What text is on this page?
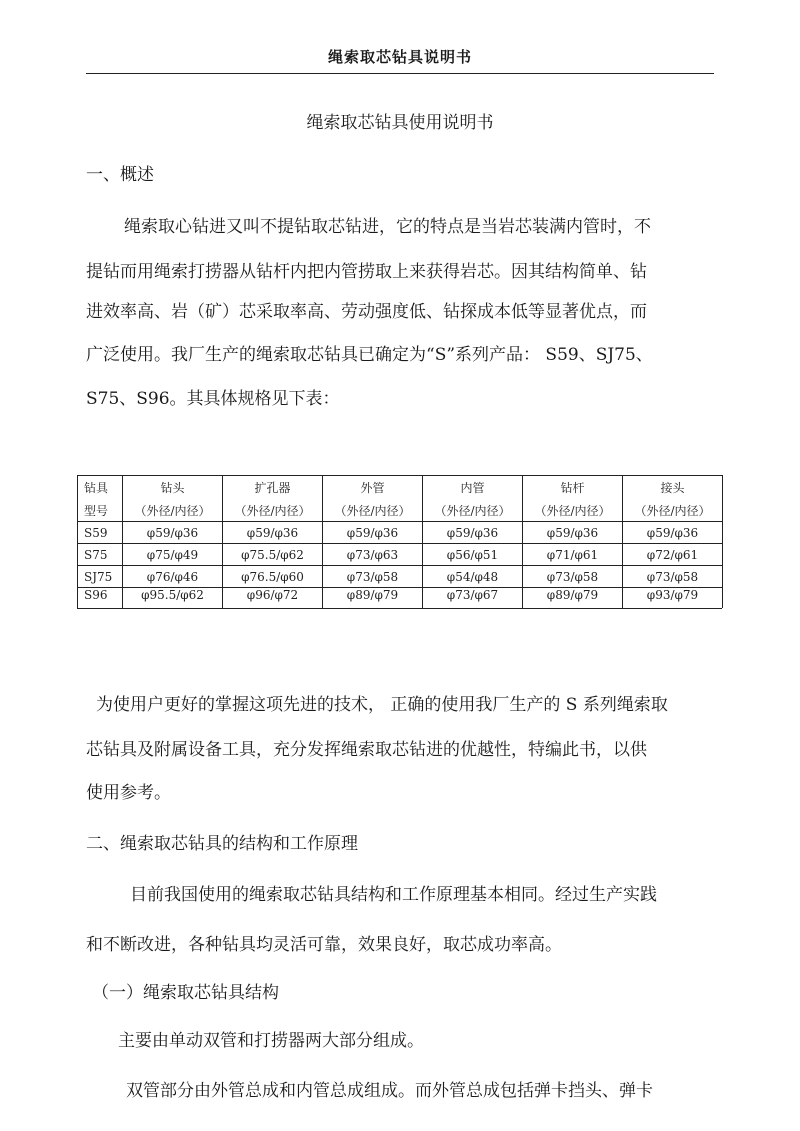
绳索取芯钻具说明书
绳索取芯钻具使用说明书
一、概述
绳索取心钻进又叫不提钻取芯钻进，它的特点是当岩芯装满内管时，不
提钻而用绳索打捞器从钻杆内把内管捞取上来获得岩芯。因其结构简单、钻
进效率高、岩（矿）芯采取率高、劳动强度低、钻探成本低等显著优点，而
广泛使用。我厂生产的绳索取芯钻具已确定为“S”系列产品： S59、SJ75、
S75、S96。其具体规格见下表：
钻具	钻头	扩孔器	外管	内管	钻杆	接头
型号	（外径/内径）	（外径/内径）	（外径/内径）	（外径/内径）	（外径/内径）	（外径/内径）
S59	φ59/φ36	φ59/φ36	φ59/φ36	φ59/φ36	φ59/φ36	φ59/φ36
S75	φ75/φ49	φ75.5/φ62	φ73/φ63	φ56/φ51	φ71/φ61	φ72/φ61
SJ75	φ76/φ46	φ76.5/φ60	φ73/φ58	φ54/φ48	φ73/φ58	φ73/φ58
S96	φ95.5/φ62	φ96/φ72	φ89/φ79	φ73/φ67	φ89/φ79	φ93/φ79
为使用户更好的掌握这项先进的技术， 正确的使用我厂生产的 S 系列绳索取
芯钻具及附属设备工具，充分发挥绳索取芯钻进的优越性，特编此书，以供
使用参考。
二、绳索取芯钻具的结构和工作原理
目前我国使用的绳索取芯钻具结构和工作原理基本相同。经过生产实践
和不断改进，各种钻具均灵活可靠，效果良好，取芯成功率高。
（一）绳索取芯钻具结构
主要由单动双管和打捞器两大部分组成。
双管部分由外管总成和内管总成组成。而外管总成包括弹卡挡头、弹卡
